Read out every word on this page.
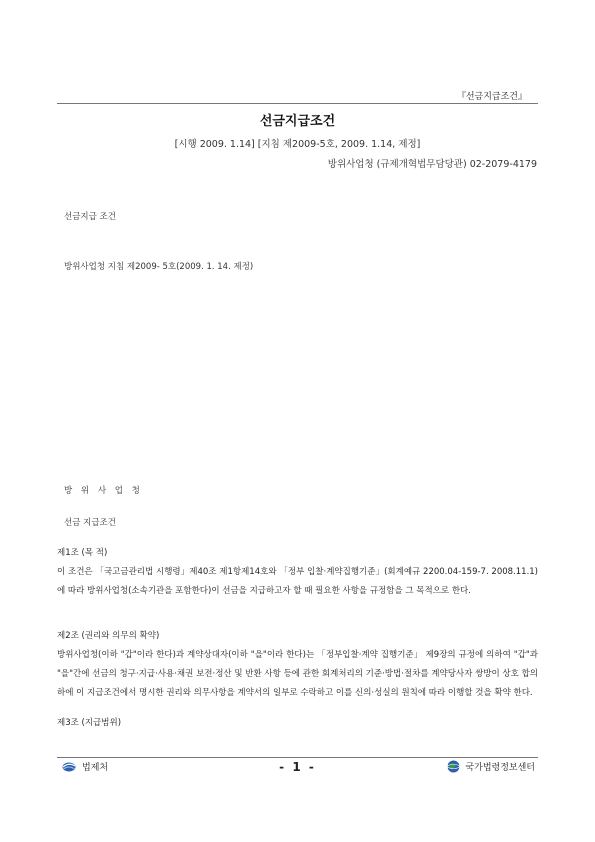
『선금지급조건』
선금지급조건
[시행 2009. 1.14] [지침 제2009-5호, 2009. 1.14, 제정]
방위사업청 (규제개혁법무담당관) 02-2079-4179
선금지급 조건
방위사업청 지침 제2009- 5호(2009. 1. 14. 제정)
방 위 사 업 청
선금 지급조건
제1조 (목 적)
이 조건은 「국고금관리법 시행령」제40조 제1항제14호와 「정부 입찰·계약집행기준」(회계예규 2200.04-159-7. 2008.11.1)에 따라 방위사업청(소속기관을 포함한다)이 선금을 지급하고자 할 때 필요한 사항을 규정함을 그 목적으로 한다.
제2조 (권리와 의무의 확약)
방위사업청(이하 "갑"이라 한다)과 계약상대자(이하 "을"이라 한다)는 「정부입찰·계약 집행기준」 제9장의 규정에 의하여 "갑"과 "을"간에 선금의 청구·지급·사용·채권 보전·정산 및 반환 사항 등에 관한 회계처리의 기준·방법·절차를 계약당사자 쌍방이 상호 합의 하에 이 지급조건에서 명시한 권리와 의무사항을 계약서의 일부로 수락하고 이를 신의·성실의 원칙에 따라 이행할 것을 확약 한다.
제3조 (지급범위)
법제처	- 1 -	국가법령정보센터
